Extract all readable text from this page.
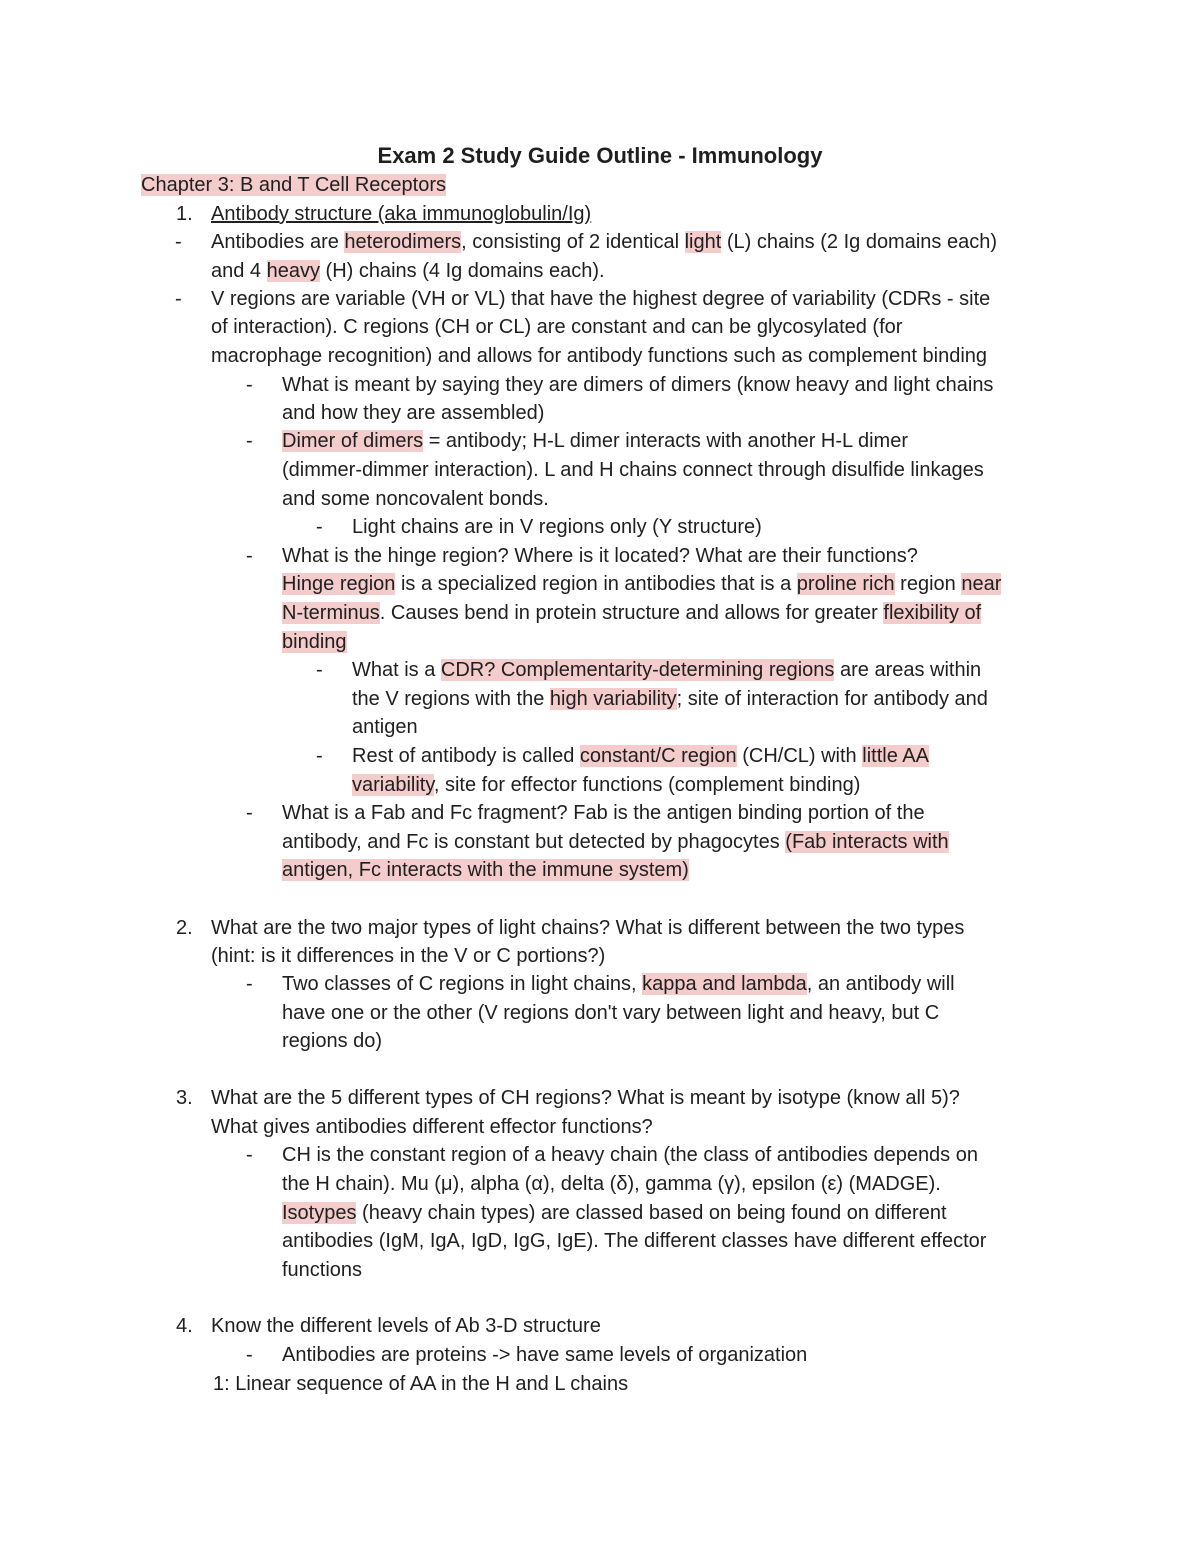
Exam 2 Study Guide Outline - Immunology
Chapter 3: B and T Cell Receptors
1. Antibody structure (aka immunoglobulin/Ig)
- Antibodies are heterodimers, consisting of 2 identical light (L) chains (2 Ig domains each)
and 4 heavy (H) chains (4 Ig domains each).
- V regions are variable (VH or VL) that have the highest degree of variability (CDRs - site
of interaction). C regions (CH or CL) are constant and can be glycosylated (for
macrophage recognition) and allows for antibody functions such as complement binding
- What is meant by saying they are dimers of dimers (know heavy and light chains
and how they are assembled)
- Dimer of dimers = antibody; H-L dimer interacts with another H-L dimer
(dimmer-dimmer interaction). L and H chains connect through disulfide linkages
and some noncovalent bonds.
- Light chains are in V regions only (Y structure)
- What is the hinge region? Where is it located? What are their functions?
Hinge region is a specialized region in antibodies that is a proline rich region near
N-terminus. Causes bend in protein structure and allows for greater flexibility of
binding
- What is a CDR? Complementarity-determining regions are areas within
the V regions with the high variability; site of interaction for antibody and
antigen
- Rest of antibody is called constant/C region (CH/CL) with little AA
variability, site for effector functions (complement binding)
- What is a Fab and Fc fragment? Fab is the antigen binding portion of the
antibody, and Fc is constant but detected by phagocytes (Fab interacts with
antigen, Fc interacts with the immune system)
2. What are the two major types of light chains? What is different between the two types
(hint: is it differences in the V or C portions?)
- Two classes of C regions in light chains, kappa and lambda, an antibody will
have one or the other (V regions don't vary between light and heavy, but C
regions do)
3. What are the 5 different types of CH regions? What is meant by isotype (know all 5)?
What gives antibodies different effector functions?
- CH is the constant region of a heavy chain (the class of antibodies depends on
the H chain). Mu (μ), alpha (α), delta (δ), gamma (γ), epsilon (ε) (MADGE).
Isotypes (heavy chain types) are classed based on being found on different
antibodies (IgM, IgA, IgD, IgG, IgE). The different classes have different effector
functions
4. Know the different levels of Ab 3-D structure
- Antibodies are proteins -> have same levels of organization
1: Linear sequence of AA in the H and L chains
